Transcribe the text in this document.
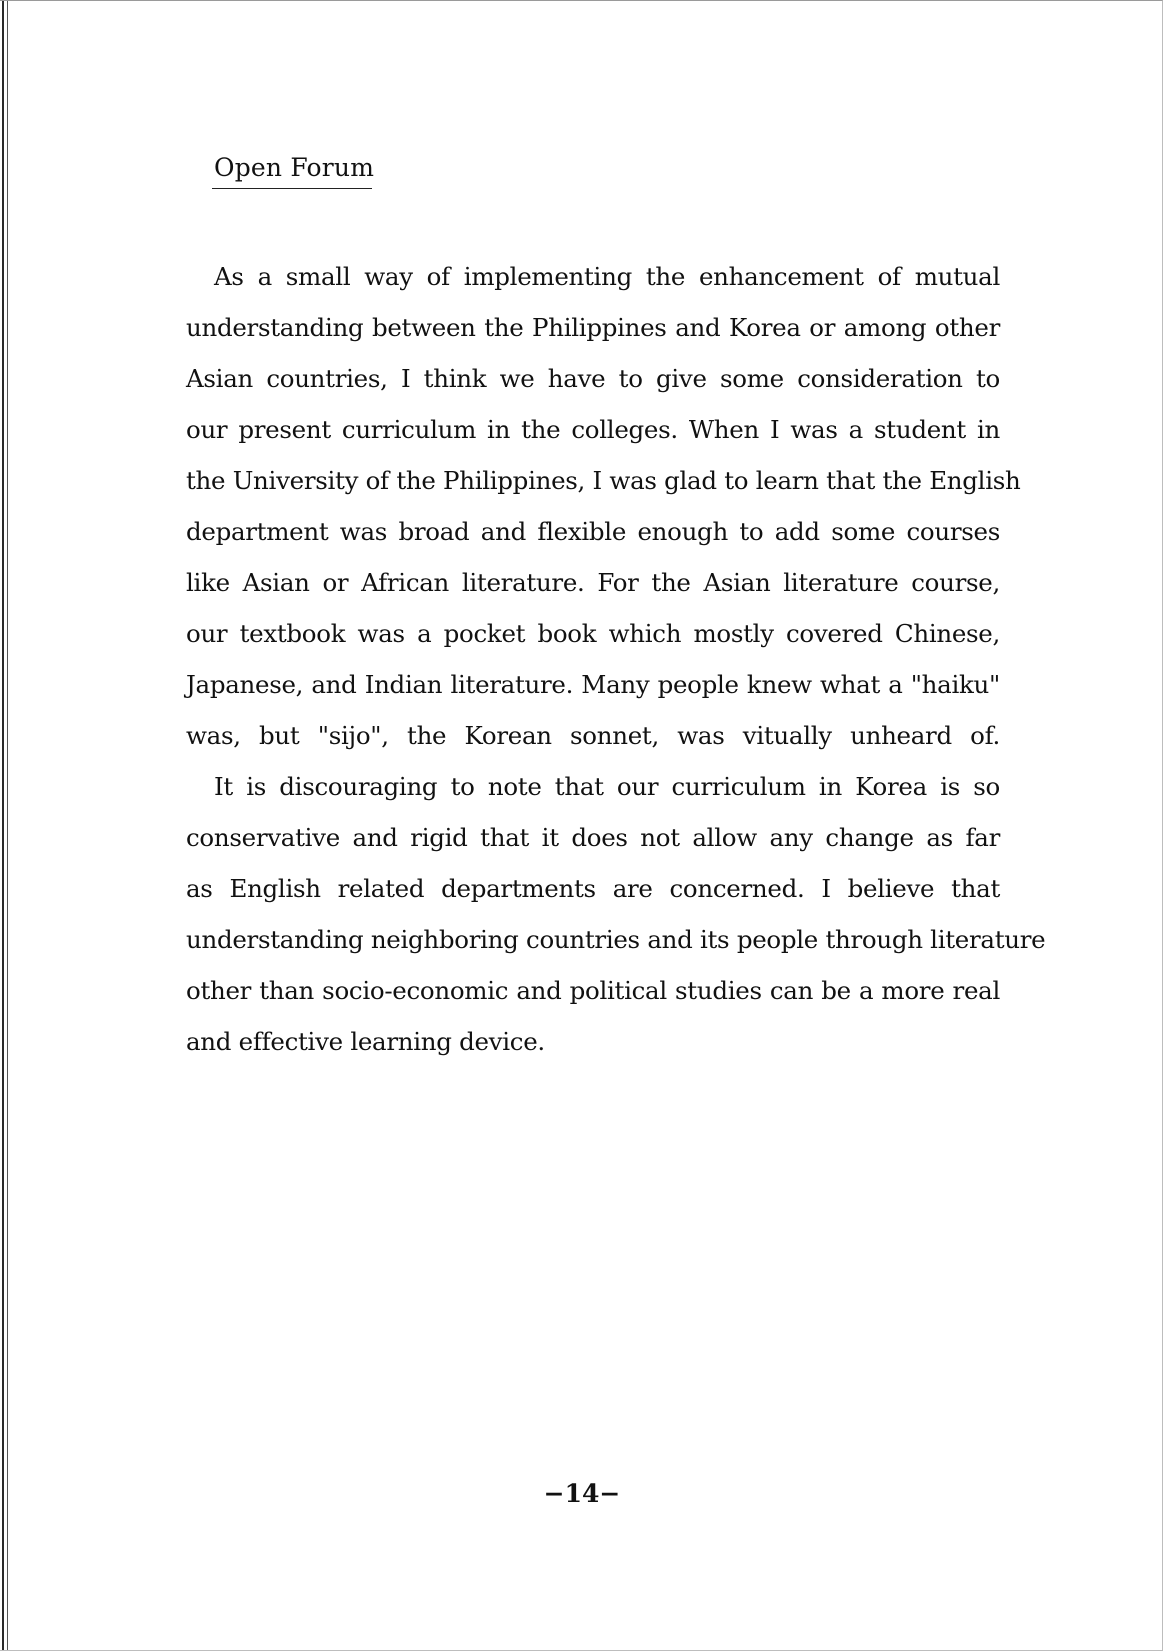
Open Forum
As a small way of implementing the enhancement of mutual
understanding between the Philippines and Korea or among other
Asian countries, I think we have to give some consideration to
our present curriculum in the colleges. When I was a student in
the University of the Philippines, I was glad to learn that the English
department was broad and flexible enough to add some courses
like Asian or African literature. For the Asian literature course,
our textbook was a pocket book which mostly covered Chinese,
Japanese, and Indian literature. Many people knew what a "haiku"
was, but "sijo", the Korean sonnet, was vitually unheard of.
It is discouraging to note that our curriculum in Korea is so
conservative and rigid that it does not allow any change as far
as English related departments are concerned. I believe that
understanding neighboring countries and its people through literature
other than socio-economic and political studies can be a more real
and effective learning device.
−14−
